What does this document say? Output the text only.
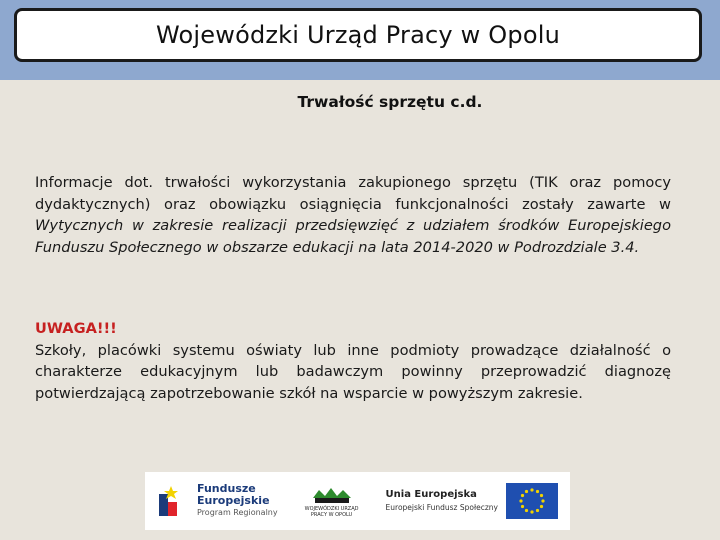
Wojewódzki Urząd Pracy w Opolu
Trwałość sprzętu c.d.
Informacje dot. trwałości wykorzystania zakupionego sprzętu (TIK oraz pomocy dydaktycznych) oraz obowiązku osiągnięcia funkcjonalności zostały zawarte w Wytycznych w zakresie realizacji przedsięwzięć z udziałem środków Europejskiego Funduszu Społecznego w obszarze edukacji na lata 2014-2020 w Podrozdziale 3.4.
UWAGA!!!
Szkoły, placówki systemu oświaty lub inne podmioty prowadzące działalność o charakterze edukacyjnym lub badawczym powinny przeprowadzić diagnozę potwierdzającą zapotrzebowanie szkół na wsparcie w powyższym zakresie.
Fundusze
Europejskie
Program Regionalny	WOJEWÓDZKI URZĄD PRACY W OPOLU
Unia Europejska
Europejski Fundusz Społeczny
